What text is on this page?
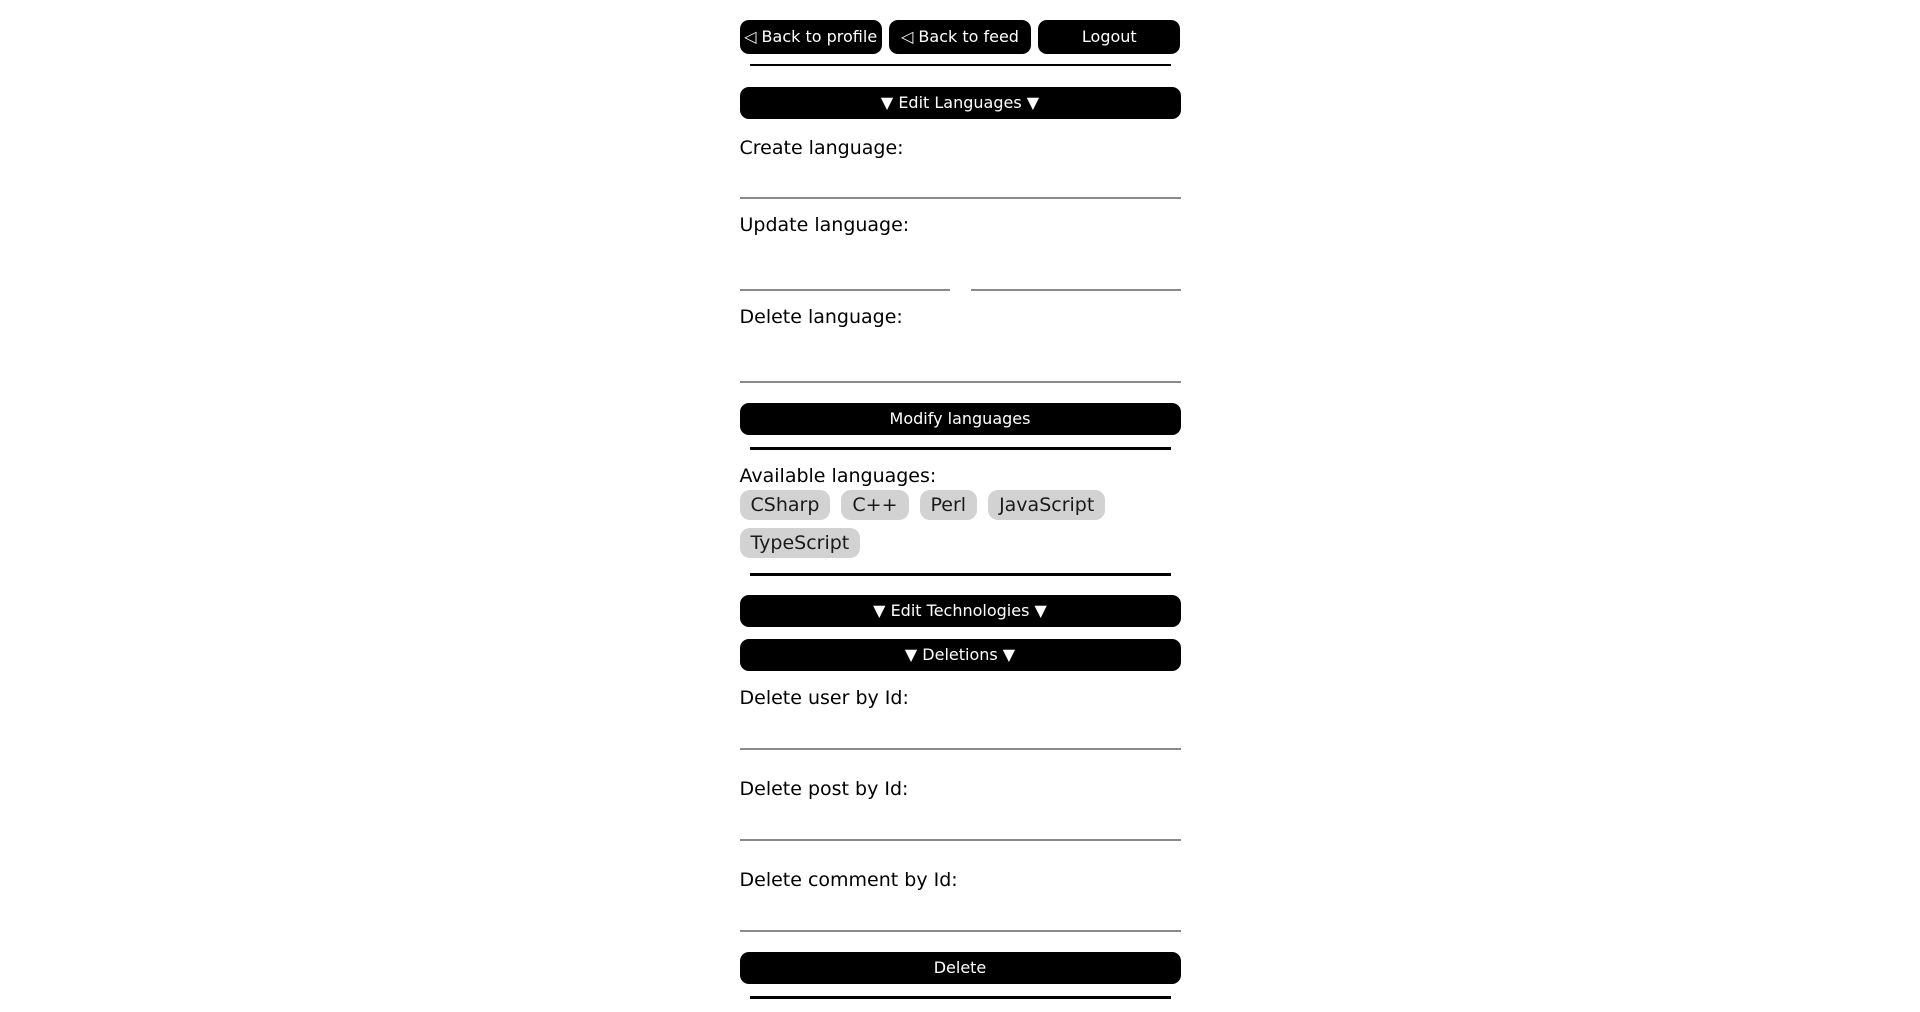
◁ Back to profile	◁ Back to feed	Logout
▼ Edit Languages ▼

Create language:

Update language:

Delete language:

Modify languages

Available languages:

CSharp	C++	Perl	JavaScript
TypeScript
▼ Edit Technologies ▼
▼ Deletions ▼

Delete user by Id:

Delete post by Id:

Delete comment by Id:

Delete
